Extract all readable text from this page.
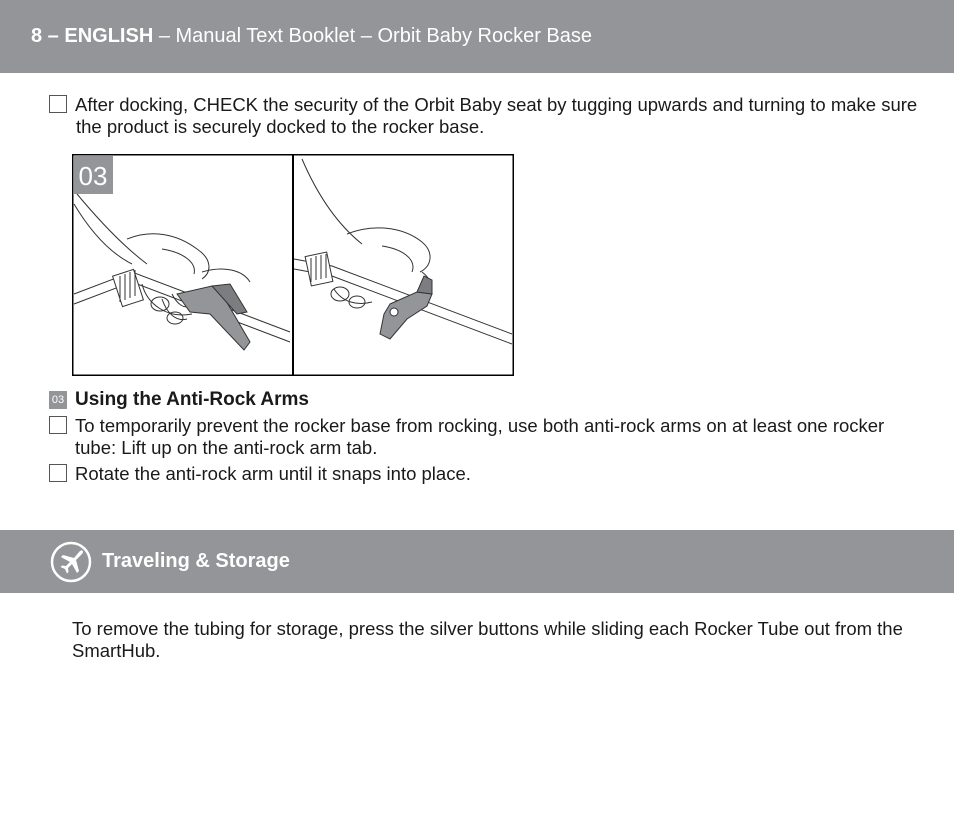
8 – ENGLISH – Manual Text Booklet – Orbit Baby Rocker Base
After docking, CHECK the security of the Orbit Baby seat by tugging upwards and turning to make sure the product is securely docked to the rocker base.
03
03 Using the Anti-Rock Arms
To temporarily prevent the rocker base from rocking, use both anti-rock arms on at least one rocker tube: Lift up on the anti-rock arm tab.
Rotate the anti-rock arm until it snaps into place.
Traveling & Storage
To remove the tubing for storage, press the silver buttons while sliding each Rocker Tube out from the SmartHub.
